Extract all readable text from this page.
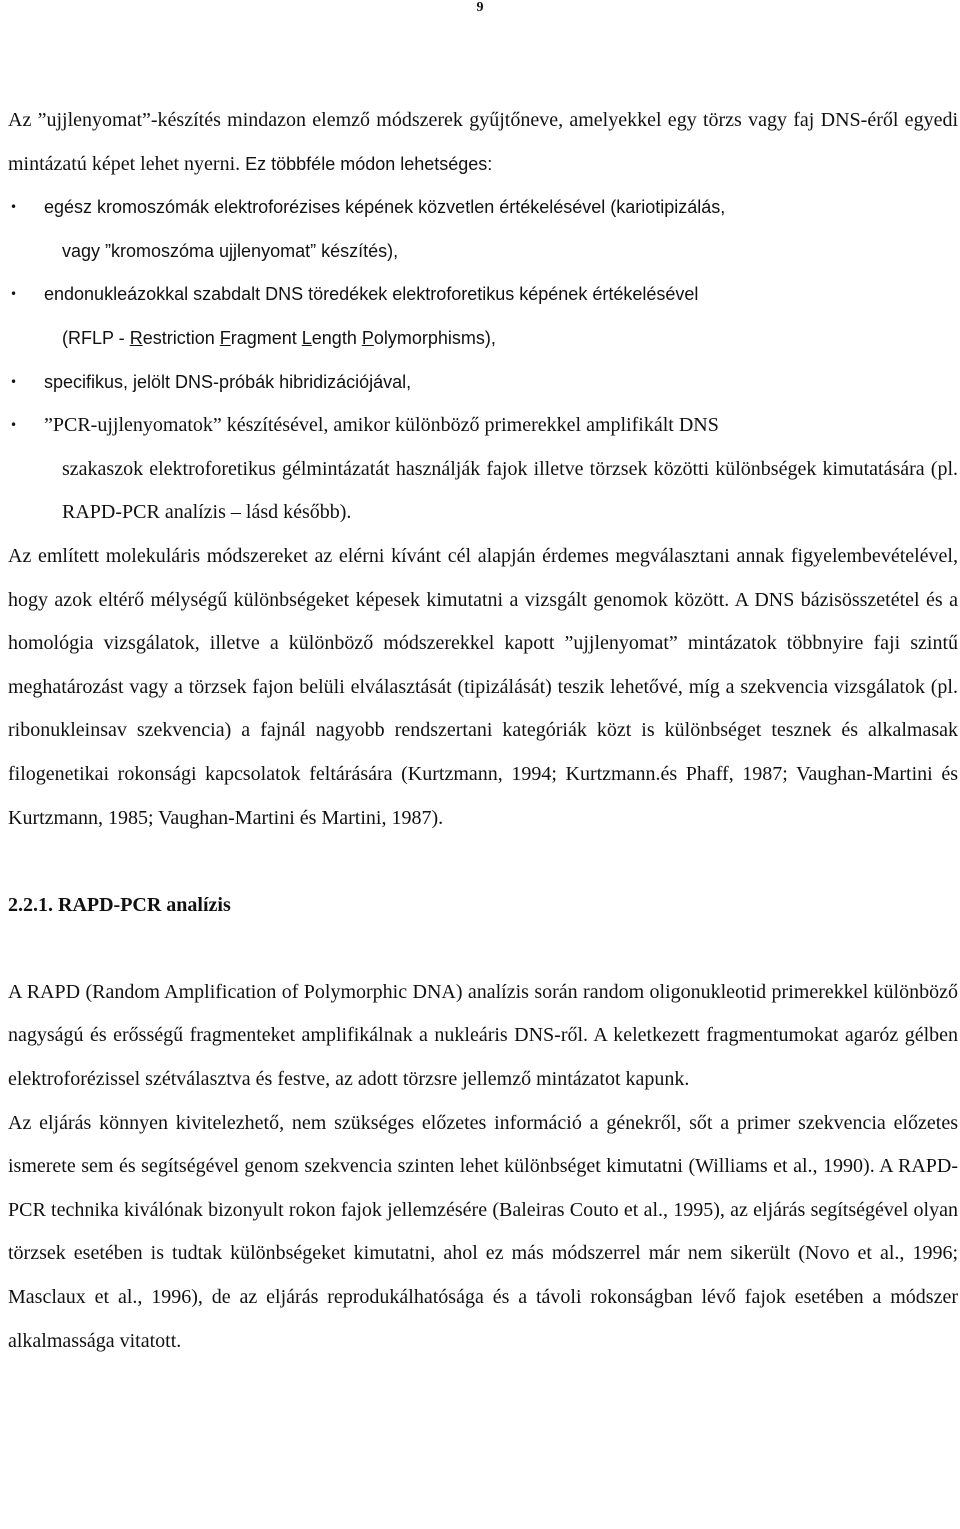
9

Az ”ujjlenyomat”-készítés mindazon elemző módszerek gyűjtőneve, amelyekkel egy törzs vagy faj DNS-éről egyedi mintázatú képet lehet nyerni. Ez többféle módon lehetséges:

• egész kromoszómák elektroforézises képének közvetlen értékelésével (kariotipizálás,
vagy ”kromoszóma ujjlenyomat” készítés),
• endonukleázokkal szabdalt DNS töredékek elektroforetikus képének értékelésével
(RFLP - Restriction Fragment Length Polymorphisms),
• specifikus, jelölt DNS-próbák hibridizációjával,
• ”PCR-ujjlenyomatok” készítésével, amikor különböző primerekkel amplifikált DNS
szakaszok elektroforetikus gélmintázatát használják fajok illetve törzsek közötti különbségek kimutatására (pl. RAPD-PCR analízis – lásd később).

Az említett molekuláris módszereket az elérni kívánt cél alapján érdemes megválasztani annak figyelembevételével, hogy azok eltérő mélységű különbségeket képesek kimutatni a vizsgált genomok között. A DNS bázisösszetétel és a homológia vizsgálatok, illetve a különböző módszerekkel kapott ”ujjlenyomat” mintázatok többnyire faji szintű meghatározást vagy a törzsek fajon belüli elválasztását (tipizálását) teszik lehetővé, míg a szekvencia vizsgálatok (pl. ribonukleinsav szekvencia) a fajnál nagyobb rendszertani kategóriák közt is különbséget tesznek és alkalmasak filogenetikai rokonsági kapcsolatok feltárására (Kurtzmann, 1994; Kurtzmann.és Phaff, 1987; Vaughan-Martini és Kurtzmann, 1985; Vaughan-Martini és Martini, 1987).

2.2.1. RAPD-PCR analízis

A RAPD (Random Amplification of Polymorphic DNA) analízis során random oligonukleotid primerekkel különböző nagyságú és erősségű fragmenteket amplifikálnak a nukleáris DNS-ről. A keletkezett fragmentumokat agaróz gélben elektroforézissel szétválasztva és festve, az adott törzsre jellemző mintázatot kapunk.

Az eljárás könnyen kivitelezhető, nem szükséges előzetes információ a génekről, sőt a primer szekvencia előzetes ismerete sem és segítségével genom szekvencia szinten lehet különbséget kimutatni (Williams et al., 1990). A RAPD-PCR technika kiválónak bizonyult rokon fajok jellemzésére (Baleiras Couto et al., 1995), az eljárás segítségével olyan törzsek esetében is tudtak különbségeket kimutatni, ahol ez más módszerrel már nem sikerült (Novo et al., 1996; Masclaux et al., 1996), de az eljárás reprodukálhatósága és a távoli rokonságban lévő fajok esetében a módszer alkalmassága vitatott.
